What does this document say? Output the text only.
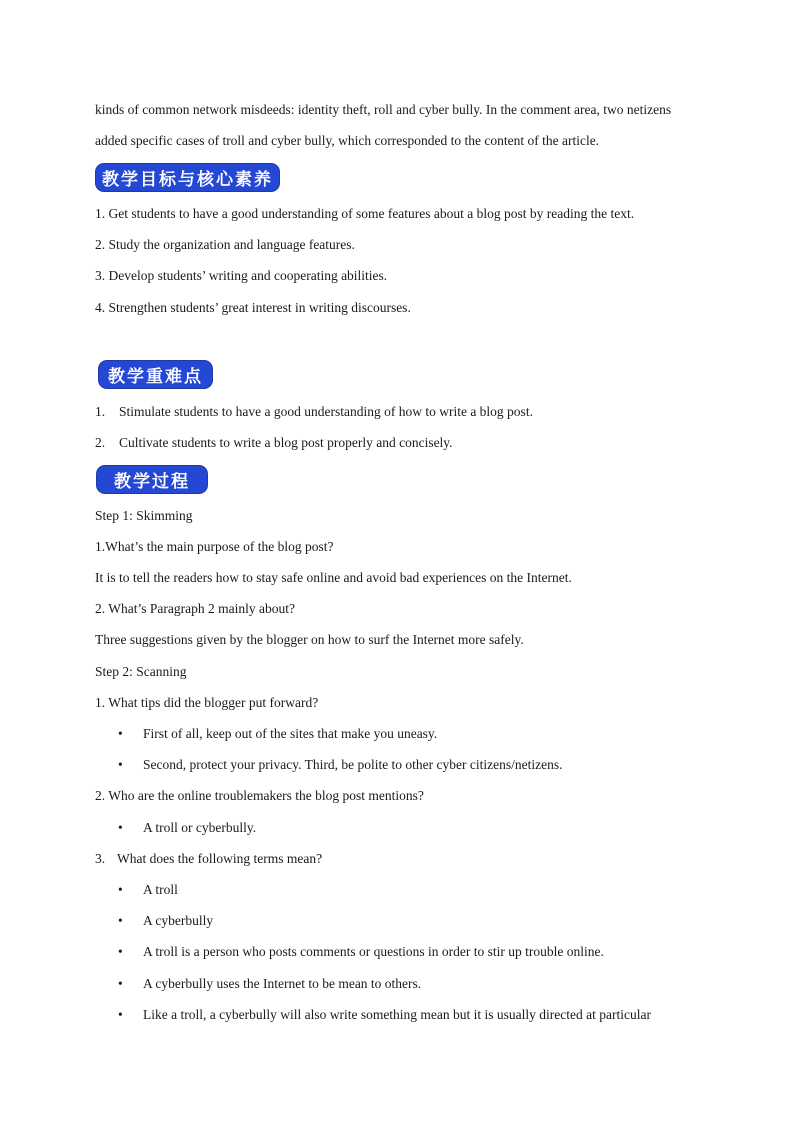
kinds of common network misdeeds: identity theft, roll and cyber bully. In the comment area, two netizens
added specific cases of troll and cyber bully, which corresponded to the content of the article.
教学目标与核心素养
1. Get students to have a good understanding of some features about a blog post by reading the text.
2. Study the organization and language features.
3. Develop students’ writing and cooperating abilities.
4. Strengthen students’ great interest in writing discourses.
教学重难点
1. Stimulate students to have a good understanding of how to write a blog post.
2. Cultivate students to write a blog post properly and concisely.
教学过程
Step 1: Skimming
1.What’s the main purpose of the blog post?
It is to tell the readers how to stay safe online and avoid bad experiences on the Internet.
2. What’s Paragraph 2 mainly about?
Three suggestions given by the blogger on how to surf the Internet more safely.
Step 2: Scanning
1. What tips did the blogger put forward?
• First of all, keep out of the sites that make you uneasy.
• Second, protect your privacy. Third, be polite to other cyber citizens/netizens.
2. Who are the online troublemakers the blog post mentions?
• A troll or cyberbully.
3. What does the following terms mean?
• A troll
• A cyberbully
• A troll is a person who posts comments or questions in order to stir up trouble online.
• A cyberbully uses the Internet to be mean to others.
• Like a troll, a cyberbully will also write something mean but it is usually directed at particular
